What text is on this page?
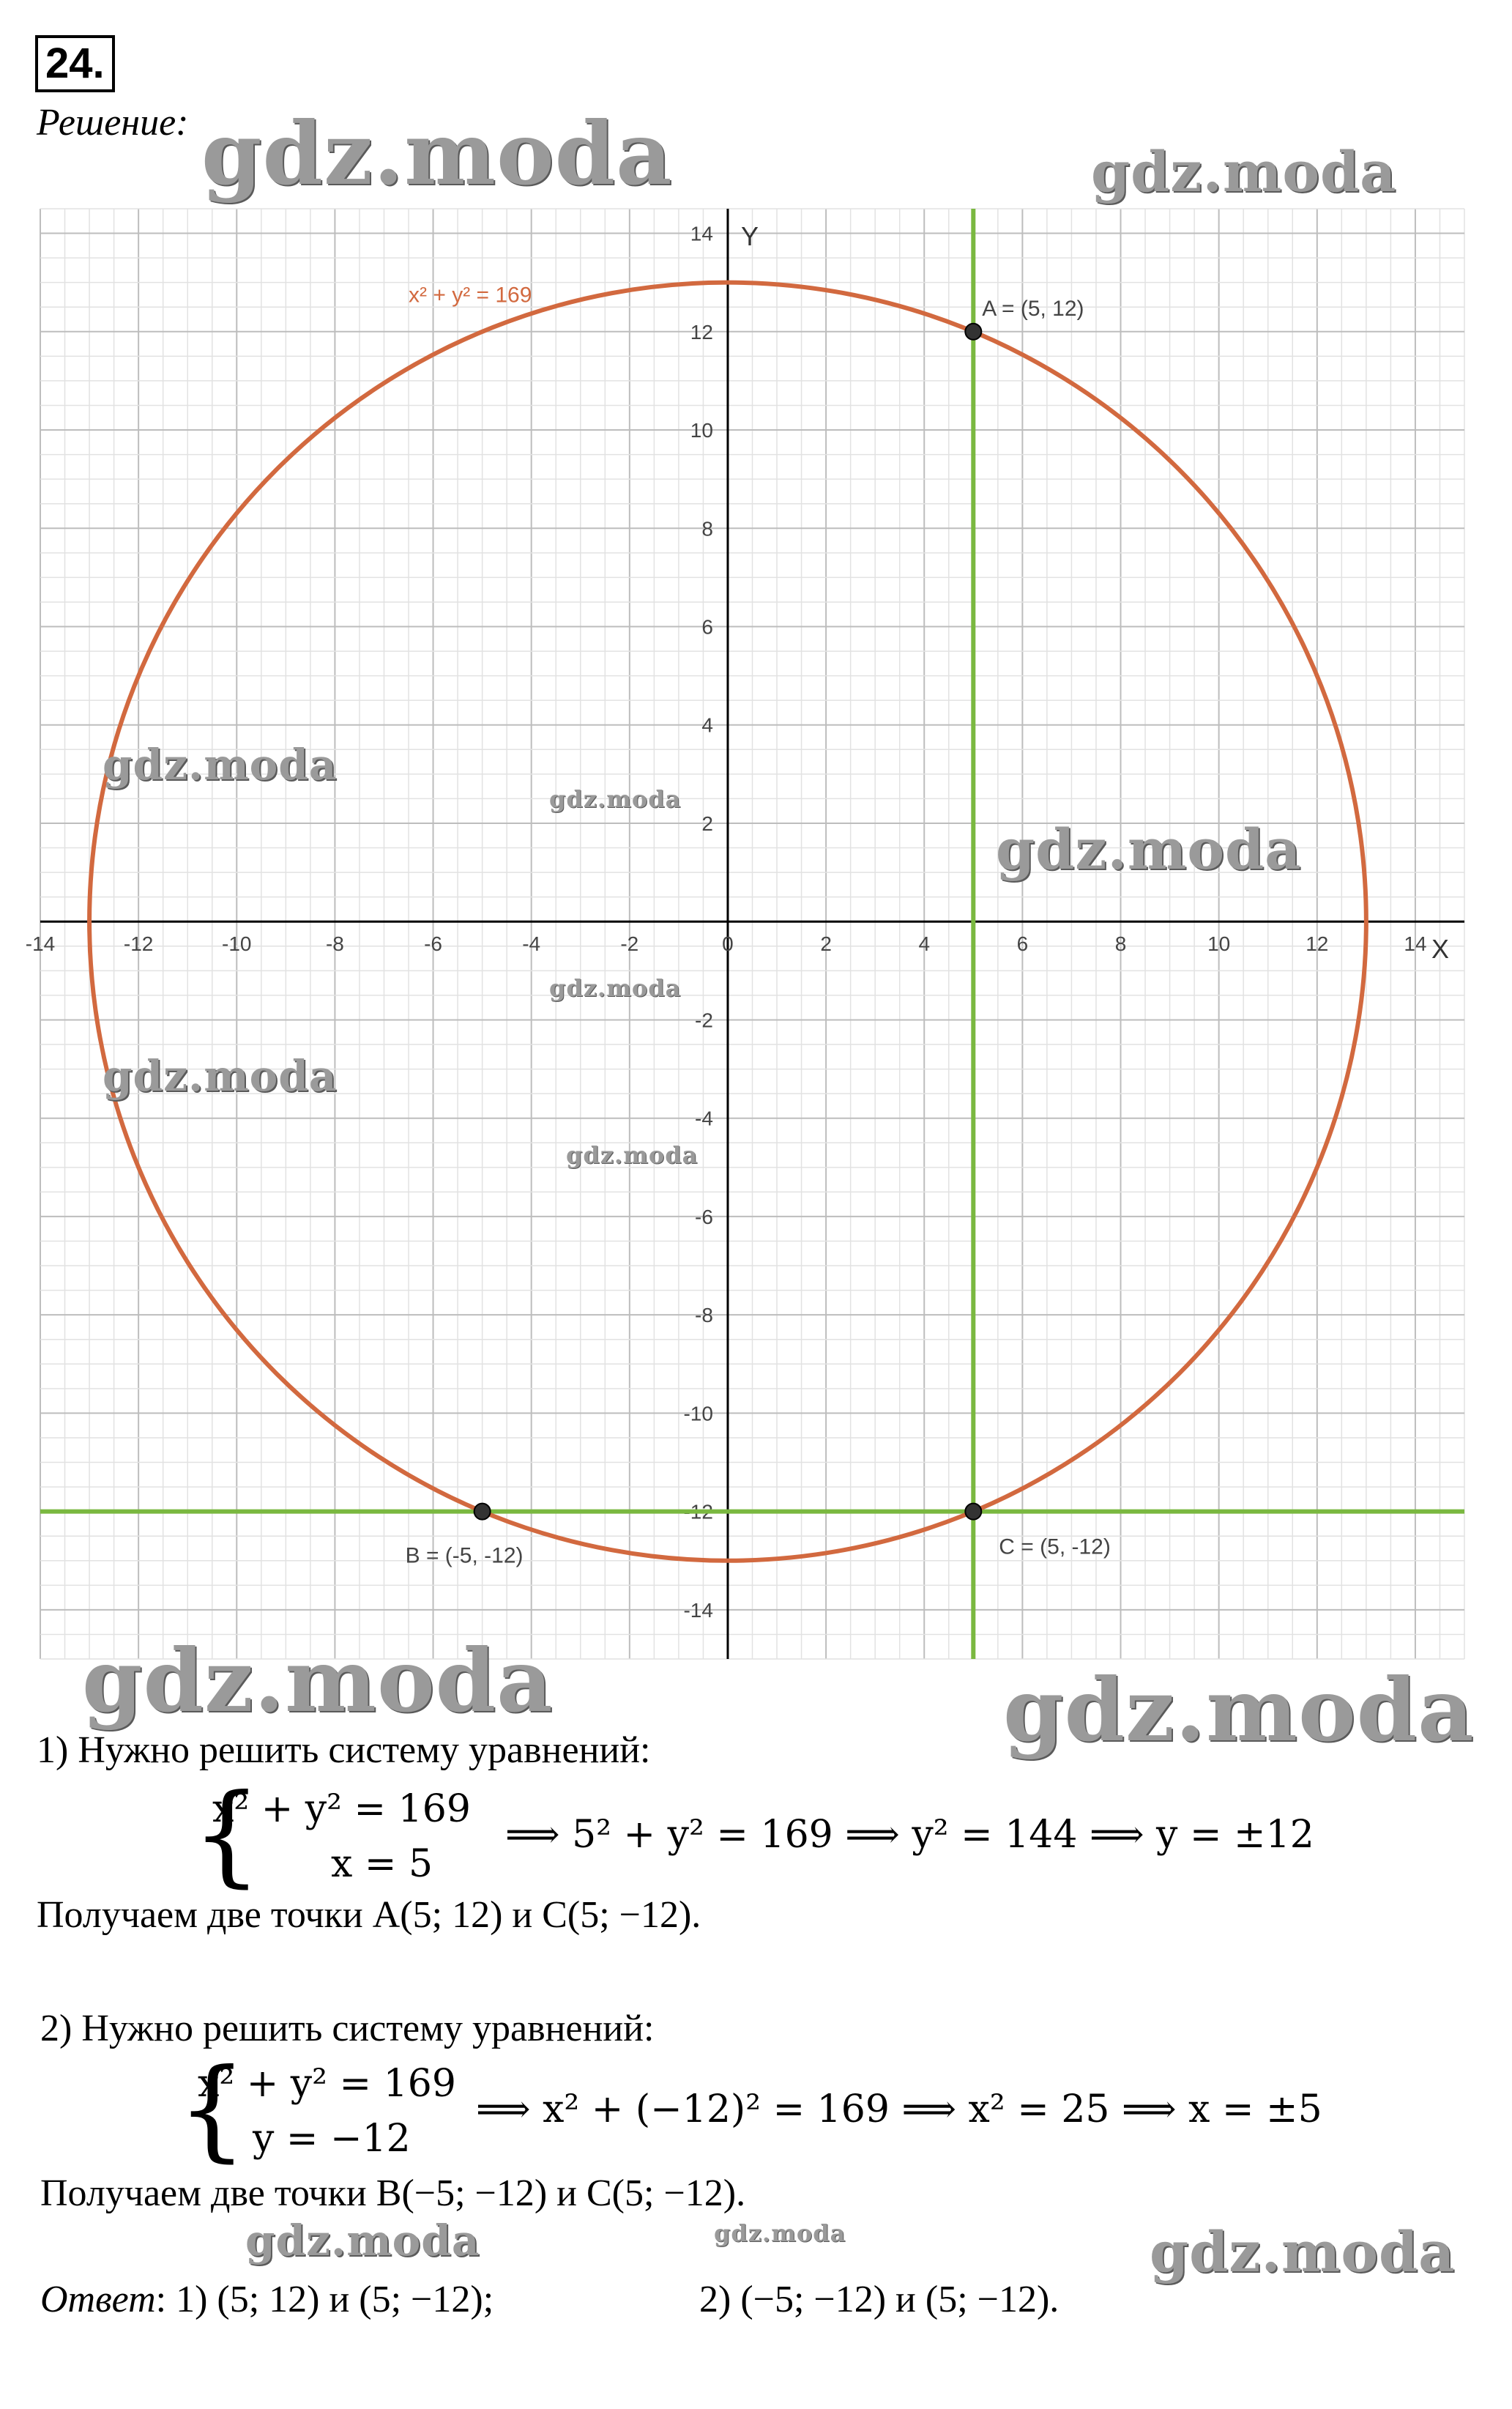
24.
Решение:
X
Y
-14	-12	-10	-8	-6	-4	-2	0	2	4	6	8	10	12	14
14
12
10
8
6
4
2
-2
-4
-6
-8
-10
-12
-14
x² + y² = 169
A = (5, 12)
B = (-5, -12)	C = (5, -12)
gdz.moda	gdz.moda
gdz.moda
gdz.moda
gdz.moda
gdz.moda
gdz.moda
gdz.moda
gdz.moda	gdz.moda
1) Нужно решить систему уравнений:
{
x² + y² = 169
x = 5
⟹ 5² + y² = 169 ⟹ y² = 144 ⟹ y = ±12
Получаем две точки A(5; 12) и C(5; −12).
2) Нужно решить систему уравнений:
{
x² + y² = 169
y = −12
⟹ x² + (−12)² = 169 ⟹ x² = 25 ⟹ x = ±5
Получаем две точки B(−5; −12) и C(5; −12).
Ответ: 1) (5; 12) и (5; −12);	2) (−5; −12) и (5; −12).
gdz.moda	gdz.moda	gdz.moda
